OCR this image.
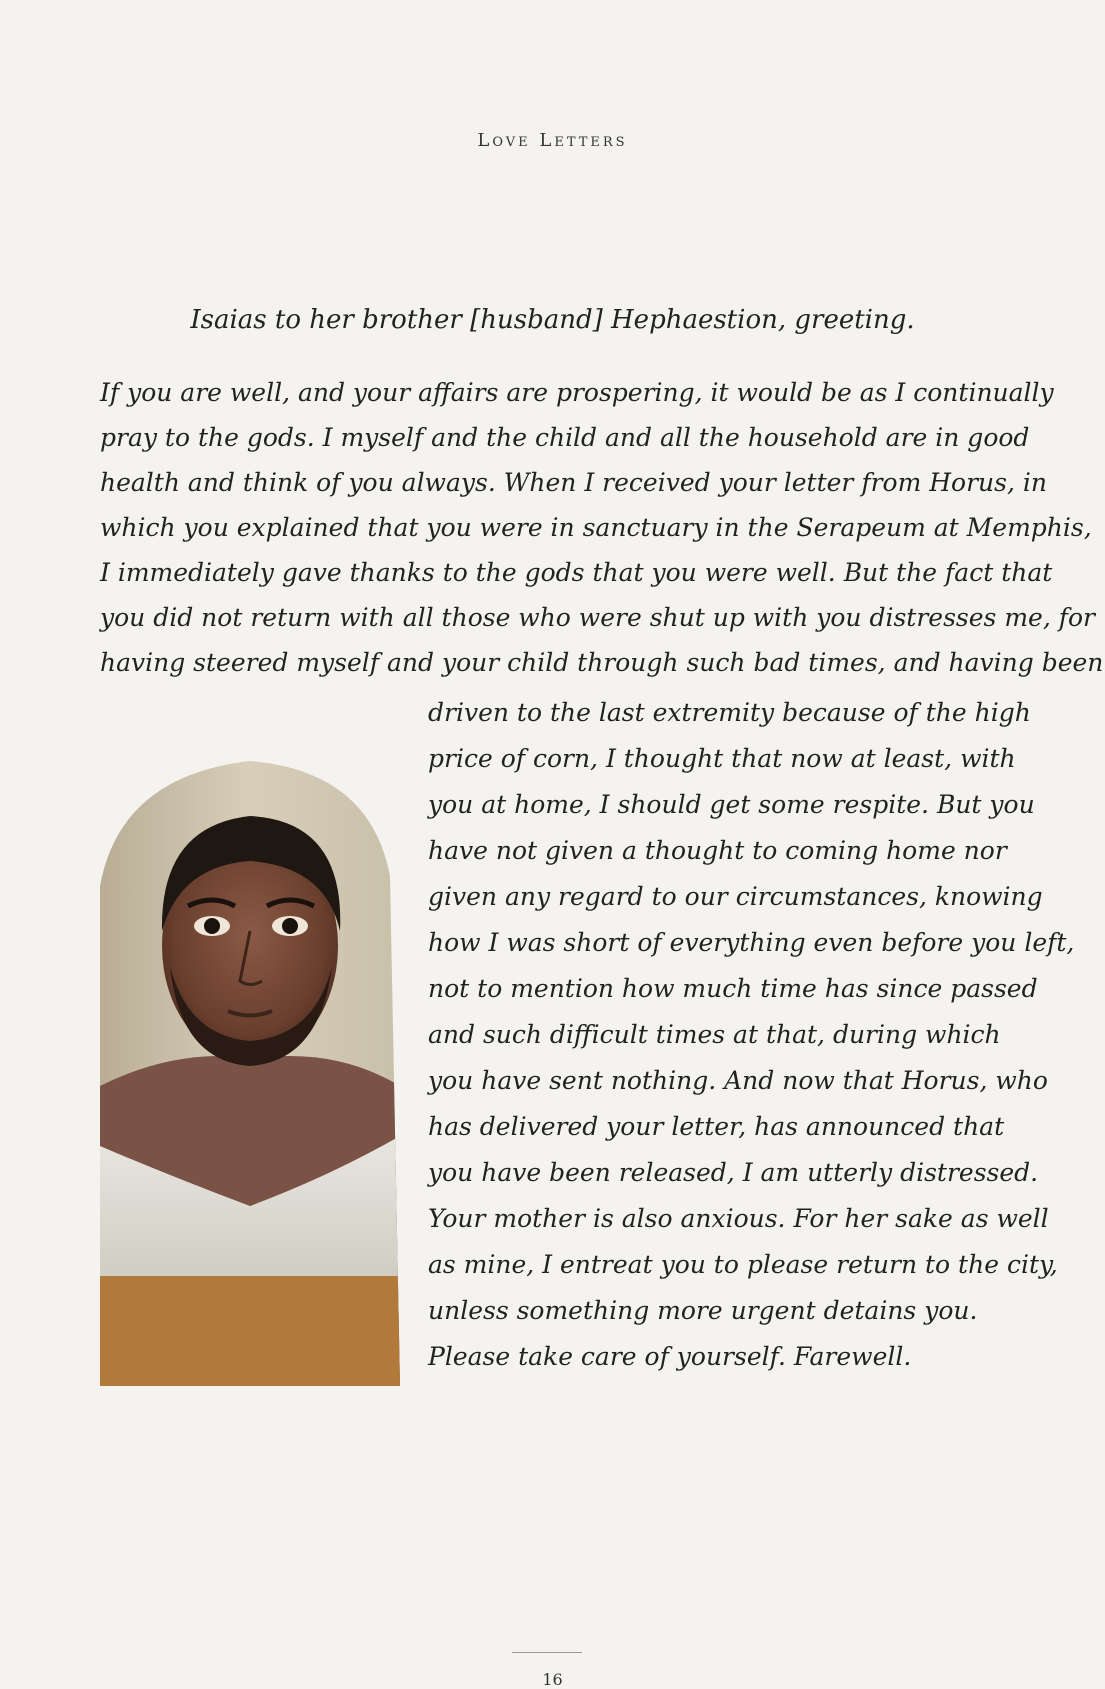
Love Letters
Isaias to her brother [husband] Hephaestion, greeting.
If you are well, and your affairs are prospering, it would be as I continually
pray to the gods. I myself and the child and all the household are in good
health and think of you always. When I received your letter from Horus, in
which you explained that you were in sanctuary in the Serapeum at Memphis,
I immediately gave thanks to the gods that you were well. But the fact that
you did not return with all those who were shut up with you distresses me, for
having steered myself and your child through such bad times, and having been
driven to the last extremity because of the high
price of corn, I thought that now at least, with
you at home, I should get some respite. But you
have not given a thought to coming home nor
given any regard to our circumstances, knowing
how I was short of everything even before you left,
not to mention how much time has since passed
and such difficult times at that, during which
you have sent nothing. And now that Horus, who
has delivered your letter, has announced that
you have been released, I am utterly distressed.
Your mother is also anxious. For her sake as well
as mine, I entreat you to please return to the city,
unless something more urgent detains you.
Please take care of yourself. Farewell.
16
